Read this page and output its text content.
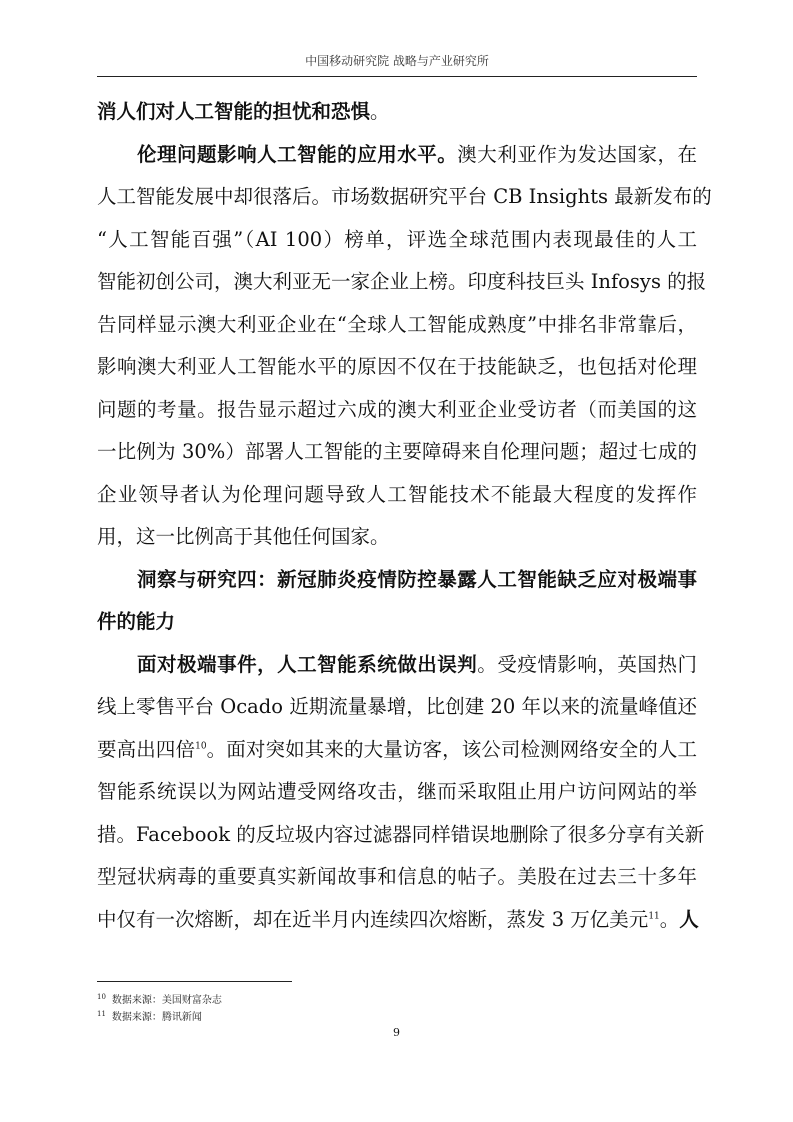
中国移动研究院 战略与产业研究所
消人们对人工智能的担忧和恐惧。
伦理问题影响人工智能的应用水平。澳大利亚作为发达国家，在
人工智能发展中却很落后。市场数据研究平台 CB Insights 最新发布的
“人工智能百强”（AI 100）榜单，评选全球范围内表现最佳的人工
智能初创公司，澳大利亚无一家企业上榜。印度科技巨头 Infosys 的报
告同样显示澳大利亚企业在“全球人工智能成熟度”中排名非常靠后，
影响澳大利亚人工智能水平的原因不仅在于技能缺乏，也包括对伦理
问题的考量。报告显示超过六成的澳大利亚企业受访者（而美国的这
一比例为 30%）部署人工智能的主要障碍来自伦理问题；超过七成的
企业领导者认为伦理问题导致人工智能技术不能最大程度的发挥作
用，这一比例高于其他任何国家。
洞察与研究四：新冠肺炎疫情防控暴露人工智能缺乏应对极端事
件的能力
面对极端事件，人工智能系统做出误判。受疫情影响，英国热门
线上零售平台 Ocado 近期流量暴增，比创建 20 年以来的流量峰值还
要高出四倍$^{10}$。面对突如其来的大量访客，该公司检测网络安全的人工
智能系统误以为网站遭受网络攻击，继而采取阻止用户访问网站的举
措。Facebook 的反垃圾内容过滤器同样错误地删除了很多分享有关新
型冠状病毒的重要真实新闻故事和信息的帖子。美股在过去三十多年
中仅有一次熔断，却在近半月内连续四次熔断，蒸发 3 万亿美元$^{11}$。人
$^{10}$ 数据来源：美国财富杂志
$^{11}$ 数据来源：腾讯新闻
9
